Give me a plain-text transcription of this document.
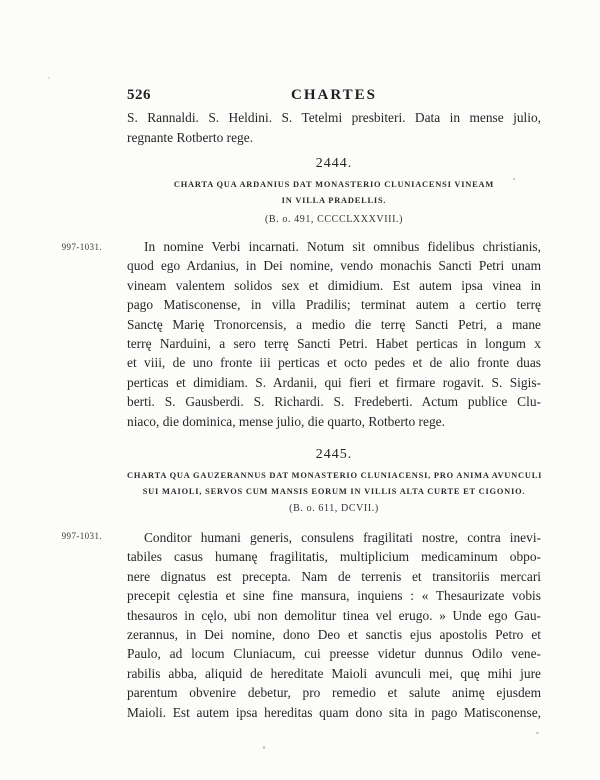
526	CHARTES
S. Rannaldi. S. Heldini. S. Tetelmi presbiteri. Data in mense julio,
regnante Rotberto rege.
2444.
CHARTA QUA ARDANIUS DAT MONASTERIO CLUNIACENSI VINEAM
IN VILLA PRADELLIS.
(B. o. 491, CCCCLXXXVIII.)
997-1031.	In nomine Verbi incarnati. Notum sit omnibus fidelibus christianis,
quod ego Ardanius, in Dei nomine, vendo monachis Sancti Petri unam
vineam valentem solidos sex et dimidium. Est autem ipsa vinea in
pago Matisconense, in villa Pradilis; terminat autem a certio terrę
Sanctę Marię Tronorcensis, a medio die terrę Sancti Petri, a mane
terrę Narduini, a sero terrę Sancti Petri. Habet perticas in longum x
et viii, de uno fronte iii perticas et octo pedes et de alio fronte duas
perticas et dimidiam. S. Ardanii, qui fieri et firmare rogavit. S. Sigis-
berti. S. Gausberdi. S. Richardi. S. Fredeberti. Actum publice Clu-
niaco, die dominica, mense julio, die quarto, Rotberto rege.
2445.
CHARTA QUA GAUZERANNUS DAT MONASTERIO CLUNIACENSI, PRO ANIMA AVUNCULI
SUI MAIOLI, SERVOS CUM MANSIS EORUM IN VILLIS ALTA CURTE ET CIGONIO.
(B. o. 611, DCVII.)
997-1031.	Conditor humani generis, consulens fragilitati nostre, contra inevi-
tabiles casus humanę fragilitatis, multiplicium medicaminum obpo-
nere dignatus est precepta. Nam de terrenis et transitoriis mercari
precepit cęlestia et sine fine mansura, inquiens : « Thesaurizate vobis
thesauros in cęlo, ubi non demolitur tinea vel erugo. » Unde ego Gau-
zerannus, in Dei nomine, dono Deo et sanctis ejus apostolis Petro et
Paulo, ad locum Cluniacum, cui preesse videtur dunnus Odilo vene-
rabilis abba, aliquid de hereditate Maioli avunculi mei, quę mihi jure
parentum obvenire debetur, pro remedio et salute animę ejusdem
Maioli. Est autem ipsa hereditas quam dono sita in pago Matisconense,
